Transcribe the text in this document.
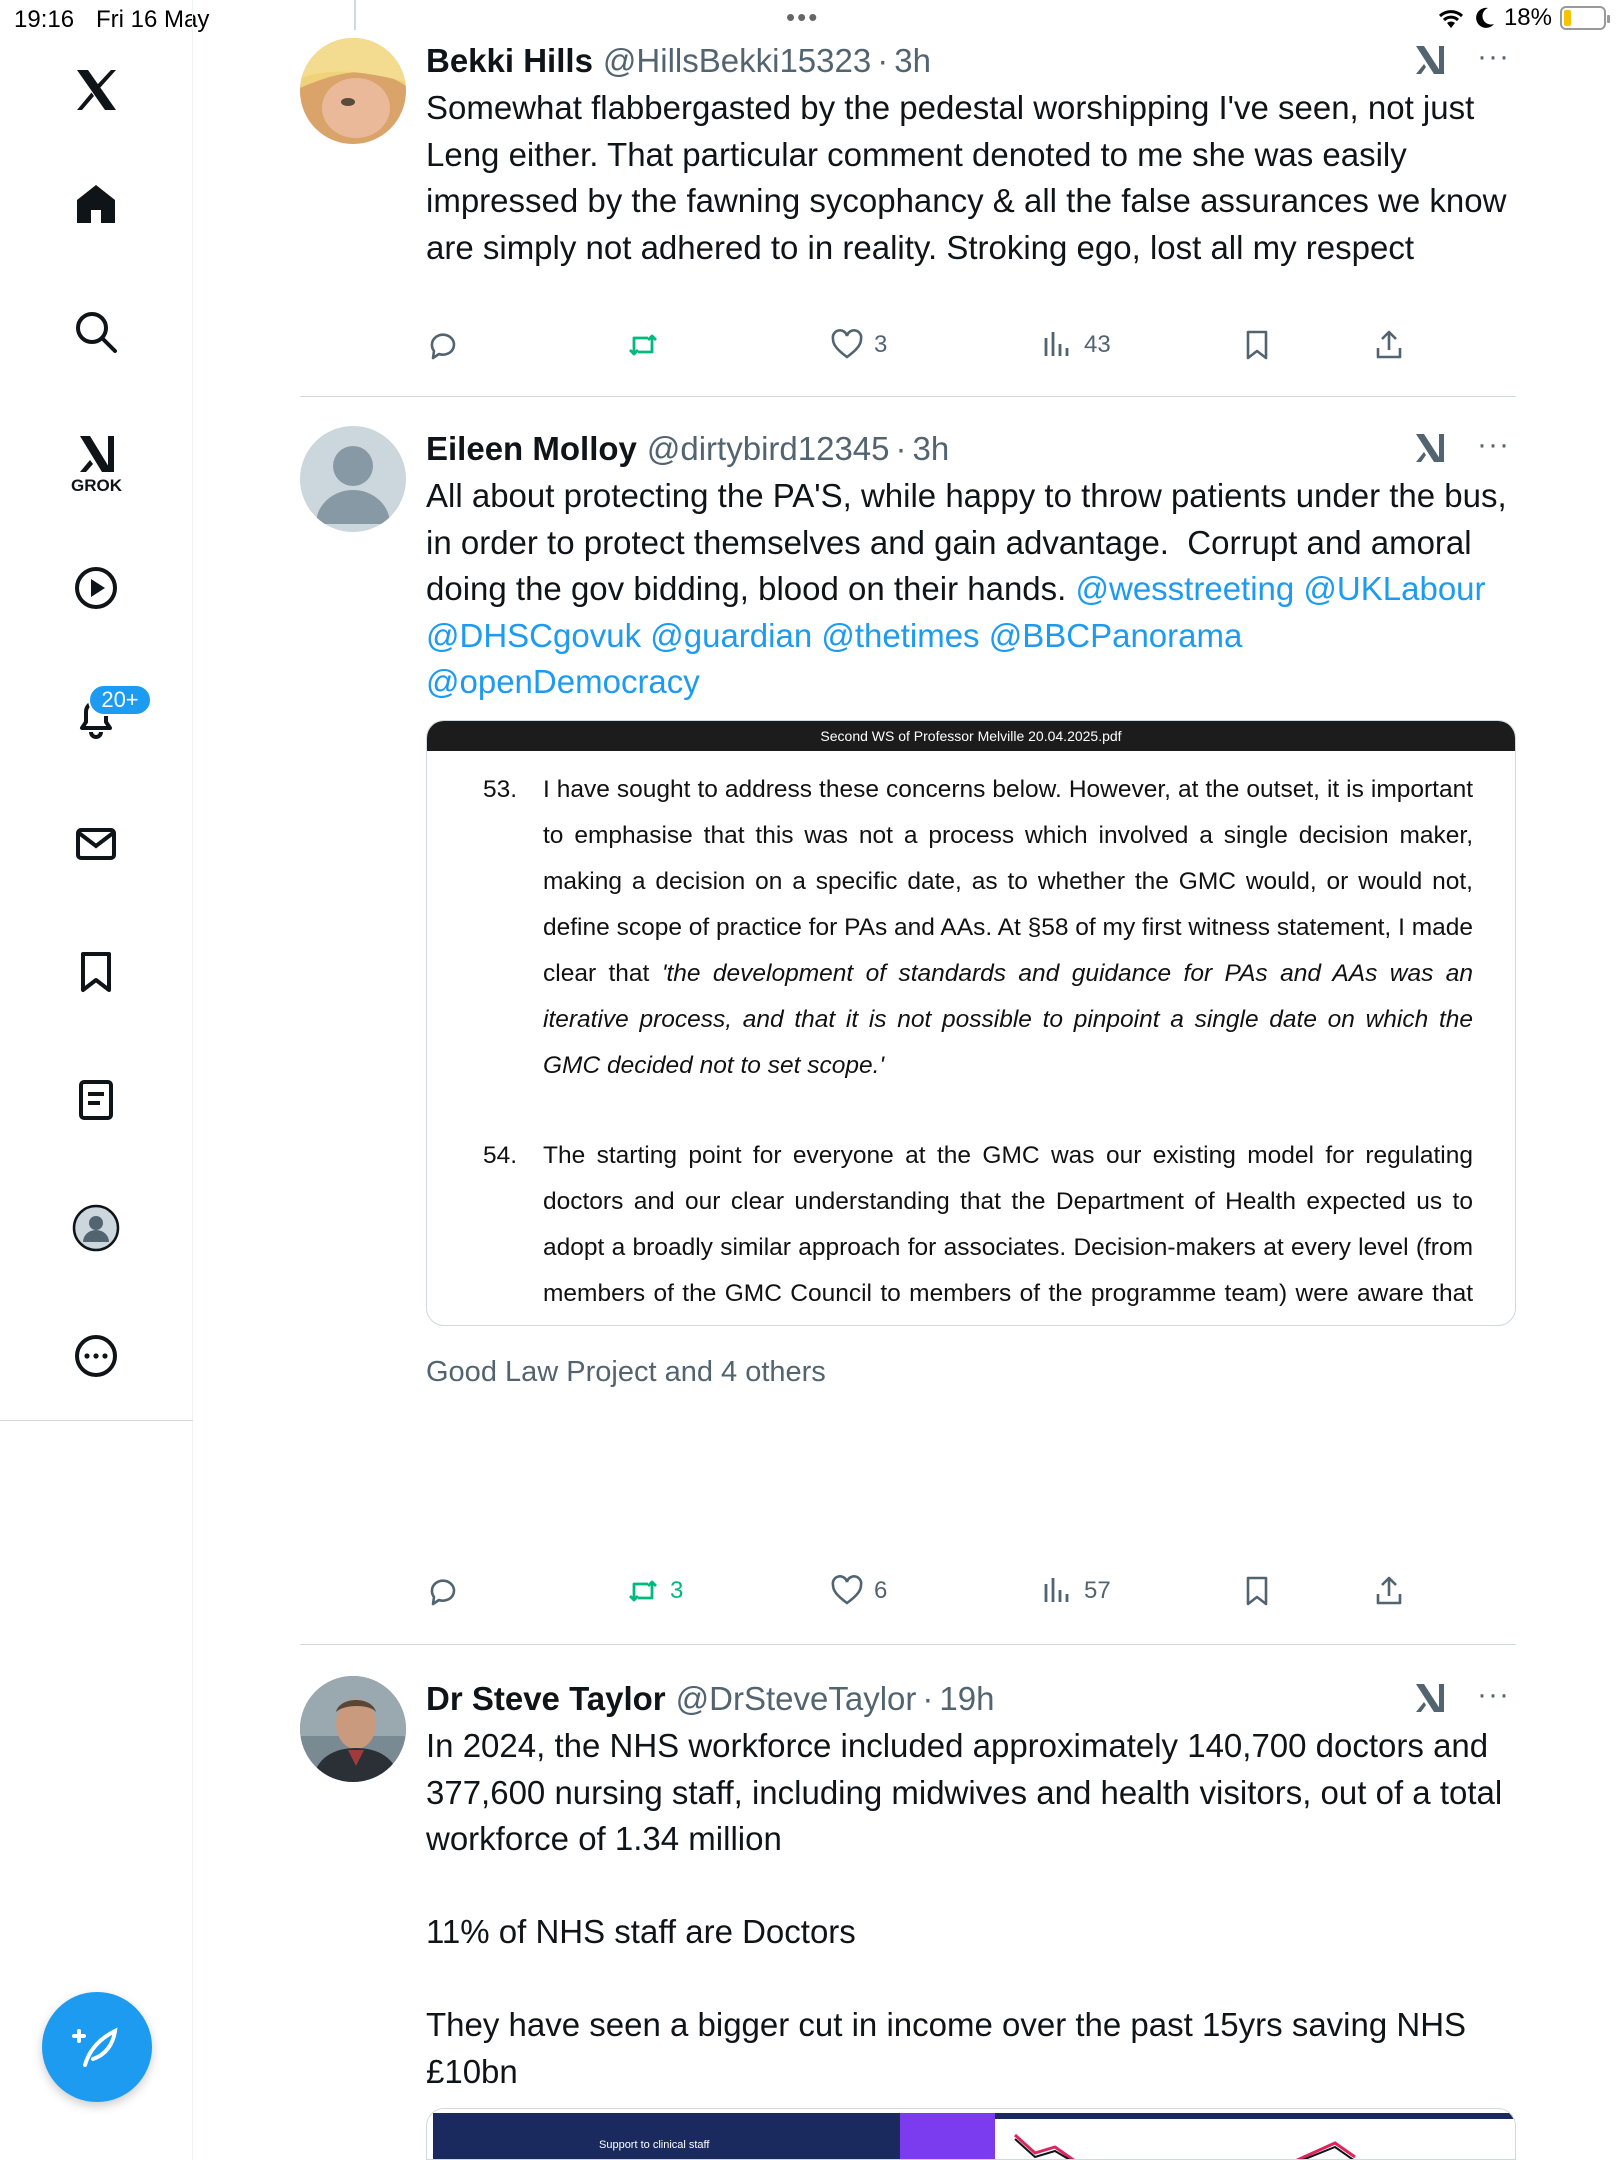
19:16 Fri 16 May	•••	18%
GROK
20+
Bekki Hills @HillsBekki15323 · 3h	···
Somewhat flabbergasted by the pedestal worshipping I've seen, not just Leng either. That particular comment denoted to me she was easily impressed by the fawning sycophancy & all the false assurances we know are simply not adhered to in reality. Stroking ego, lost all my respect
3	43
Eileen Molloy @dirtybird12345 · 3h	···
All about protecting the PA'S, while happy to throw patients under the bus, in order to protect themselves and gain advantage.  Corrupt and amoral doing the gov bidding, blood on their hands. @wesstreeting @UKLabour @DHSCgovuk @guardian @thetimes @BBCPanorama @openDemocracy
Second WS of Professor Melville 20.04.2025.pdf
53. I have sought to address these concerns below. However, at the outset, it is important to emphasise that this was not a process which involved a single decision maker, making a decision on a specific date, as to whether the GMC would, or would not, define scope of practice for PAs and AAs. At §58 of my first witness statement, I made clear that 'the development of standards and guidance for PAs and AAs was an iterative process, and that it is not possible to pinpoint a single date on which the GMC decided not to set scope.'
54. The starting point for everyone at the GMC was our existing model for regulating doctors and our clear understanding that the Department of Health expected us to adopt a broadly similar approach for associates. Decision-makers at every level (from members of the GMC Council to members of the programme team) were aware that
Good Law Project and 4 others
3	6	57
Dr Steve Taylor @DrSteveTaylor · 19h	···
In 2024, the NHS workforce included approximately 140,700 doctors and 377,600 nursing staff, including midwives and health visitors, out of a total workforce of 1.34 million

11% of NHS staff are Doctors

They have seen a bigger cut in income over the past 15yrs saving NHS £10bn
Support to clinical staff
